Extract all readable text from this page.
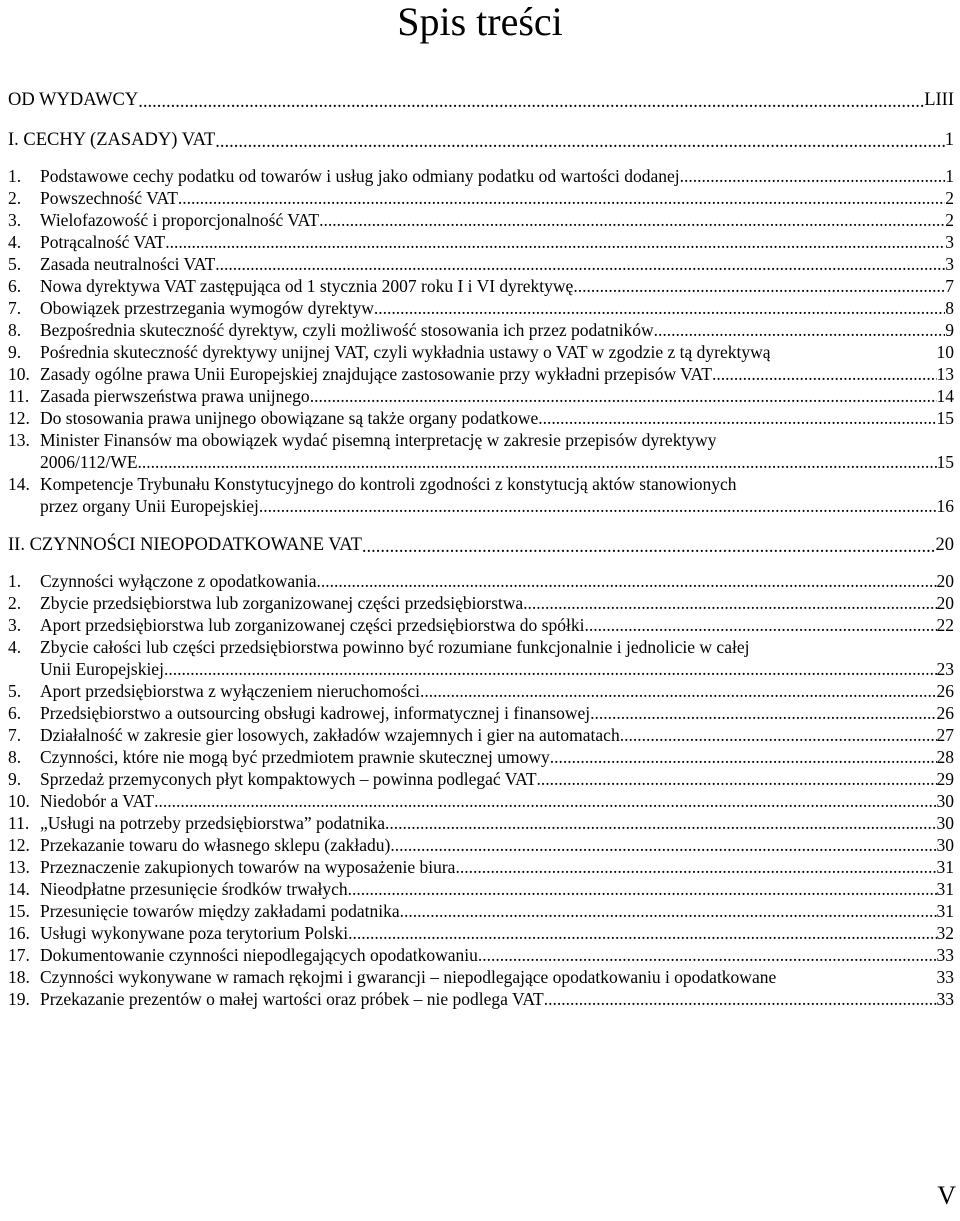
Spis treści
OD WYDAWCY .....	LIII
I. CECHY (ZASADY) VAT .....	1
1.	Podstawowe cechy podatku od towarów i usług jako odmiany podatku od wartości dodanej .....	1
2.	Powszechność VAT .....	2
3.	Wielofazowość i proporcjonalność VAT .....	2
4.	Potrącalność VAT .....	3
5.	Zasada neutralności VAT .....	3
6.	Nowa dyrektywa VAT zastępująca od 1 stycznia 2007 roku I i VI dyrektywę .....	7
7.	Obowiązek przestrzegania wymogów dyrektyw .....	8
8.	Bezpośrednia skuteczność dyrektyw, czyli możliwość stosowania ich przez podatników .....	9
9.	Pośrednia skuteczność dyrektywy unijnej VAT, czyli wykładnia ustawy o VAT w zgodzie z tą dyrektywą	10
10. Zasady ogólne prawa Unii Europejskiej znajdujące zastosowanie przy wykładni przepisów VAT .....	13
11. Zasada pierwszeństwa prawa unijnego .....	14
12. Do stosowania prawa unijnego obowiązane są także organy podatkowe .....	15
13. Minister Finansów ma obowiązek wydać pisemną interpretację w zakresie przepisów dyrektywy
2006/112/WE .....	15
14. Kompetencje Trybunału Konstytucyjnego do kontroli zgodności z konstytucją aktów stanowionych
przez organy Unii Europejskiej .....	16
II. CZYNNOŚCI NIEOPODATKOWANE VAT .....	20
1.	Czynności wyłączone z opodatkowania .....	20
2.	Zbycie przedsiębiorstwa lub zorganizowanej części przedsiębiorstwa .....	20
3.	Aport przedsiębiorstwa lub zorganizowanej części przedsiębiorstwa do spółki .....	22
4.	Zbycie całości lub części przedsiębiorstwa powinno być rozumiane funkcjonalnie i jednolicie w całej
Unii Europejskiej .....	23
5.	Aport przedsiębiorstwa z wyłączeniem nieruchomości .....	26
6.	Przedsiębiorstwo a outsourcing obsługi kadrowej, informatycznej i finansowej .....	26
7.	Działalność w zakresie gier losowych, zakładów wzajemnych i gier na automatach .....	27
8.	Czynności, które nie mogą być przedmiotem prawnie skutecznej umowy .....	28
9.	Sprzedaż przemyconych płyt kompaktowych – powinna podlegać VAT .....	29
10. Niedobór a VAT .....	30
11. „Usługi na potrzeby przedsiębiorstwa” podatnika .....	30
12. Przekazanie towaru do własnego sklepu (zakładu) .....	30
13. Przeznaczenie zakupionych towarów na wyposażenie biura .....	31
14. Nieodpłatne przesunięcie środków trwałych .....	31
15. Przesunięcie towarów między zakładami podatnika .....	31
16. Usługi wykonywane poza terytorium Polski .....	32
17. Dokumentowanie czynności niepodlegających opodatkowaniu .....	33
18. Czynności wykonywane w ramach rękojmi i gwarancji – niepodlegające opodatkowaniu i opodatkowane	33
19. Przekazanie prezentów o małej wartości oraz próbek – nie podlega VAT .....	33
V
